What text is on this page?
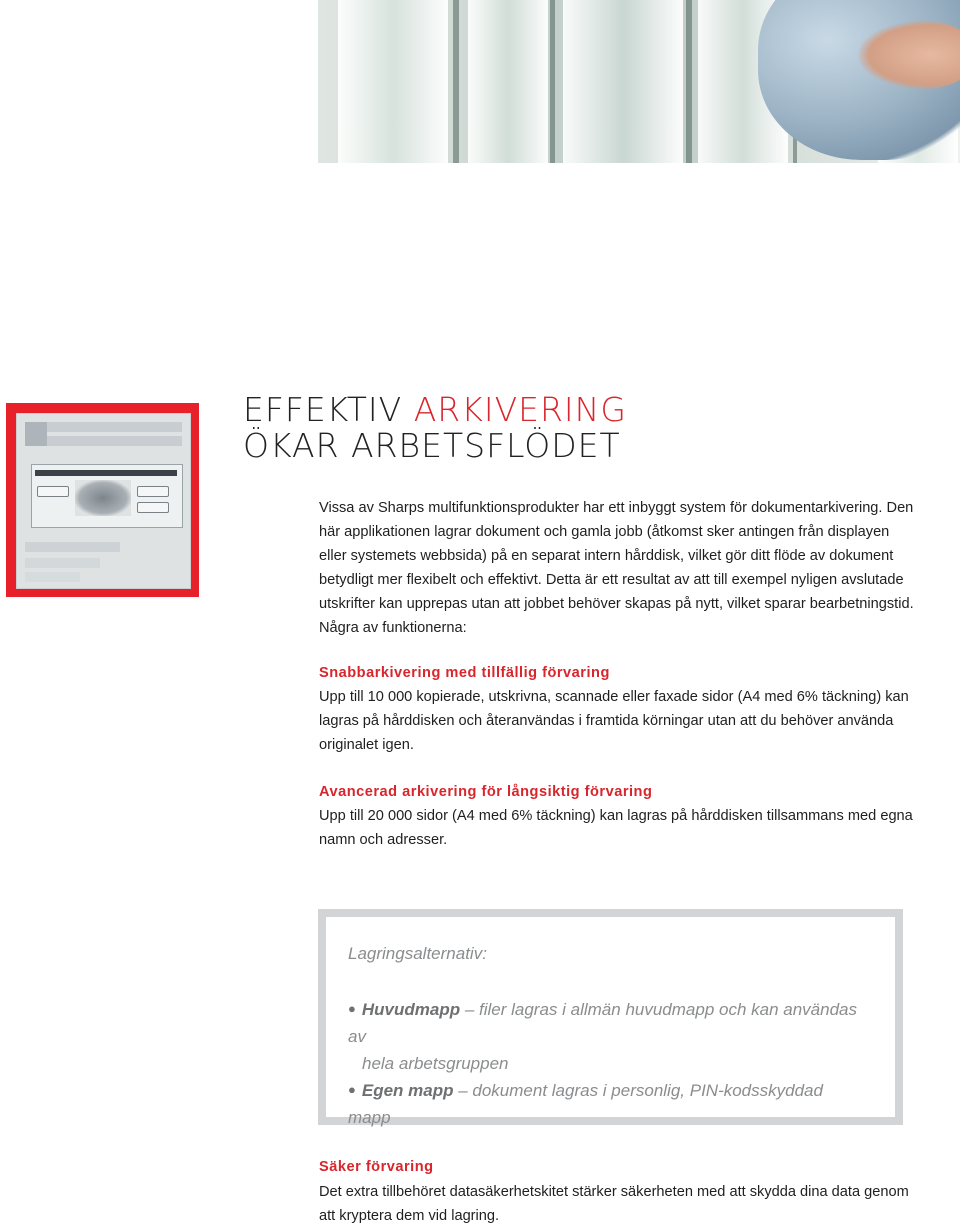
EFFEKTIV ARKIVERING
ÖKAR ARBETSFLÖDET

Vissa av Sharps multifunktionsprodukter har ett inbyggt system för dokumentarkivering. Den här applikationen lagrar dokument och gamla jobb (åtkomst sker antingen från displayen eller systemets webbsida) på en separat intern hårddisk, vilket gör ditt flöde av dokument betydligt mer flexibelt och effektivt. Detta är ett resultat av att till exempel nyligen avslutade utskrifter kan upprepas utan att jobbet behöver skapas på nytt, vilket sparar bearbetningstid. Några av funktionerna:

Snabbarkivering med tillfällig förvaring

Upp till 10 000 kopierade, utskrivna, scannade eller faxade sidor (A4 med 6% täckning) kan lagras på hårddisken och återanvändas i framtida körningar utan att du behöver använda originalet igen.

Avancerad arkivering för långsiktig förvaring

Upp till 20 000 sidor (A4 med 6% täckning) kan lagras på hårddisken tillsammans med egna namn och adresser.

Lagringsalternativ:
● Huvudmapp – filer lagras i allmän huvudmapp och kan användas av
hela arbetsgruppen
● Egen mapp – dokument lagras i personlig, PIN-kodsskyddad mapp
Säker förvaring

Det extra tillbehöret datasäkerhetskitet stärker säkerheten med att skydda dina data genom att kryptera dem vid lagring.
